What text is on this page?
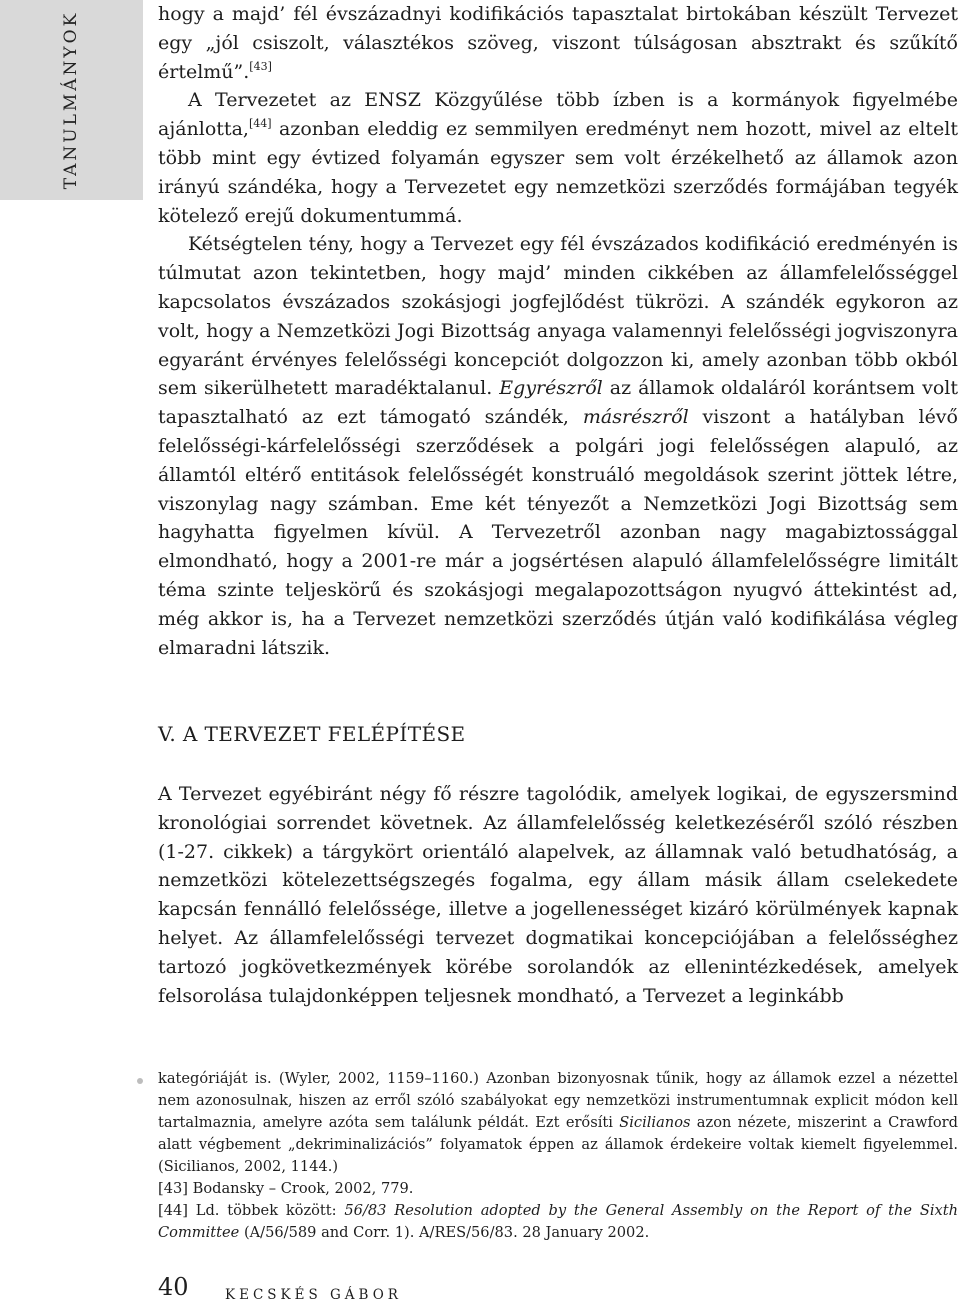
TANULMÁNYOK	hogy a majd’ fél évszázadnyi kodifikációs tapasztalat birtokában készült Tervezet egy „jól csiszolt, választékos szöveg, viszont túlságosan absztrakt és szűkítő értelmű”.[43]

A Tervezetet az ENSZ Közgyűlése több ízben is a kormányok figyelmébe ajánlotta,[44] azonban eleddig ez semmilyen eredményt nem hozott, mivel az eltelt több mint egy évtized folyamán egyszer sem volt érzékelhető az államok azon irányú szándéka, hogy a Tervezetet egy nemzetközi szerződés formájában tegyék kötelező erejű dokumentummá.

Kétségtelen tény, hogy a Tervezet egy fél évszázados kodifikáció eredményén is túlmutat azon tekintetben, hogy majd’ minden cikkében az államfelelősséggel kapcsolatos évszázados szokásjogi jogfejlődést tükrözi. A szándék egykoron az volt, hogy a Nemzetközi Jogi Bizottság anyaga valamennyi felelősségi jogviszonyra egyaránt érvényes felelősségi koncepciót dolgozzon ki, amely azonban több okból sem sikerülhetett maradéktalanul. Egyrészről az államok oldaláról korántsem volt tapasztalható az ezt támogató szándék, másrészről viszont a hatályban lévő felelősségi-kárfelelősségi szerződések a polgári jogi felelősségen alapuló, az államtól eltérő entitások felelősségét konstruáló megoldások szerint jöttek létre, viszonylag nagy számban. Eme két tényezőt a Nemzetközi Jogi Bizottság sem hagyhatta figyelmen kívül. A Tervezetről azonban nagy magabiztossággal elmondható, hogy a 2001-re már a jogsértésen alapuló államfelelősségre limitált téma szinte teljeskörű és szokásjogi megalapozottságon nyugvó áttekintést ad, még akkor is, ha a Tervezet nemzetközi szerződés útján való kodifikálása végleg elmaradni látszik.

V. A TERVEZET FELÉPÍTÉSE

A Tervezet egyébiránt négy fő részre tagolódik, amelyek logikai, de egyszersmind kronológiai sorrendet követnek. Az államfelelősség keletkezéséről szóló részben (1-27. cikkek) a tárgykört orientáló alapelvek, az államnak való betudhatóság, a nemzetközi kötelezettségszegés fogalma, egy állam másik állam cselekedete kapcsán fennálló felelőssége, illetve a jogellenességet kizáró körülmények kapnak helyet. Az államfelelősségi tervezet dogmatikai koncepciójában a felelősséghez tartozó jogkövetkezmények körébe sorolandók az ellenintézkedések, amelyek felsorolása tulajdonképpen teljesnek mondható, a Tervezet a leginkább

kategóriáját is. (Wyler, 2002, 1159–1160.) Azonban bizonyosnak tűnik, hogy az államok ezzel a nézettel nem azonosulnak, hiszen az erről szóló szabályokat egy nemzetközi instrumentumnak explicit módon kell tartalmaznia, amelyre azóta sem találunk példát. Ezt erősíti Sicilianos azon nézete, miszerint a Crawford alatt végbement „dekriminalizációs” folyamatok éppen az államok érdekeire voltak kiemelt figyelemmel. (Sicilianos, 2002, 1144.)

[43] Bodansky – Crook, 2002, 779.

[44] Ld. többek között: 56/83 Resolution adopted by the General Assembly on the Report of the Sixth Committee (A/56/589 and Corr. 1). A/RES/56/83. 28 January 2002.

40	KECSKÉS GÁBOR
